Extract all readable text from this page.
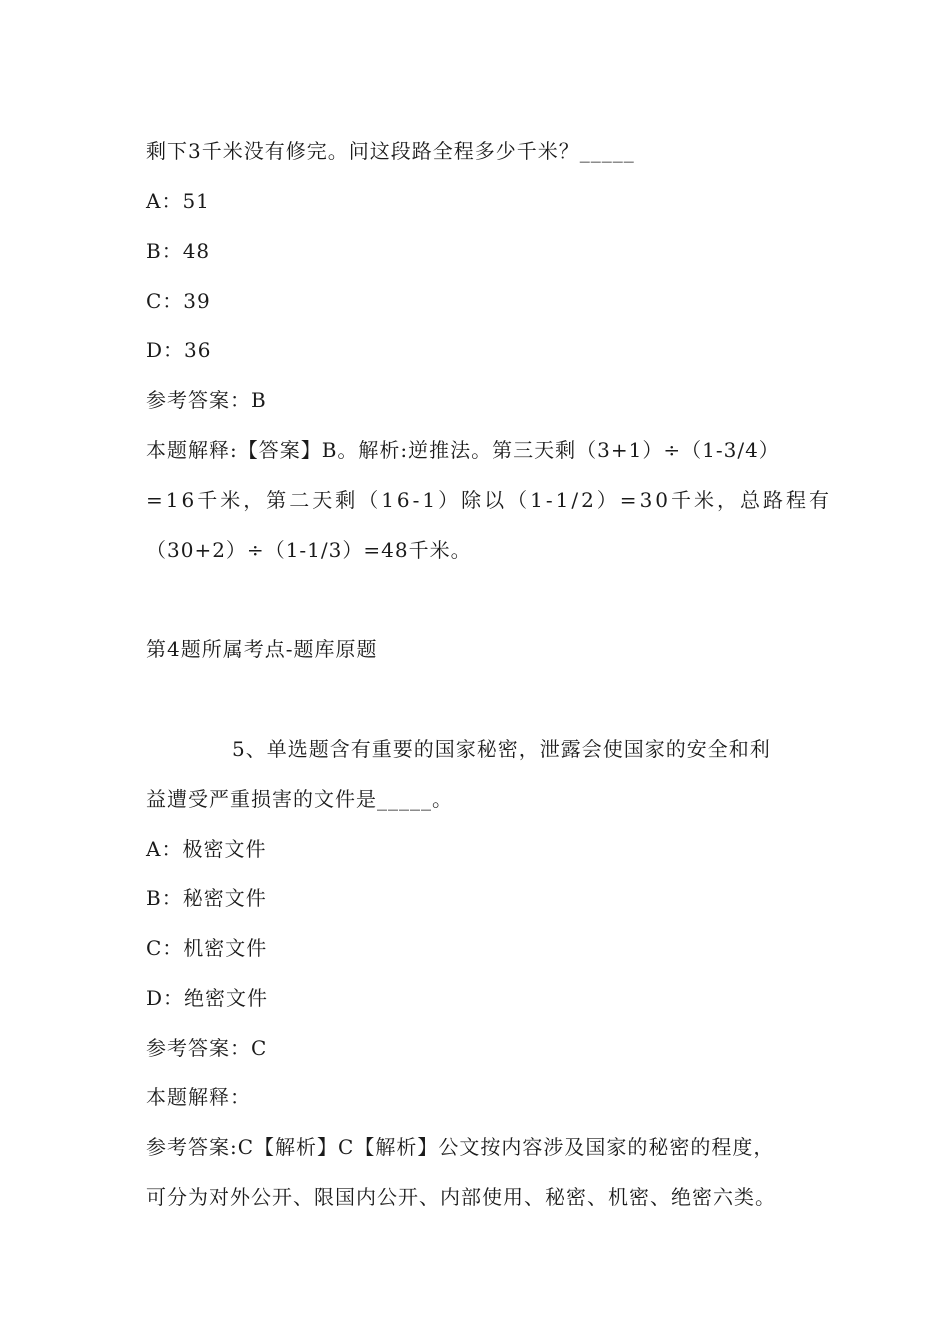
剩下3千米没有修完。问这段路全程多少千米？_____
A：51
B：48
C：39
D：36
参考答案：B
本题解释:【答案】B。解析:逆推法。第三天剩（3+1）÷（1-3/4）
=16千米，第二天剩（16-1）除以（1-1/2）=30千米，总路程有
（30+2）÷（1-1/3）=48千米。
第4题所属考点-题库原题
5、单选题含有重要的国家秘密，泄露会使国家的安全和利
益遭受严重损害的文件是_____。
A：极密文件
B：秘密文件
C：机密文件
D：绝密文件
参考答案：C
本题解释：
参考答案:C【解析】C【解析】公文按内容涉及国家的秘密的程度，
可分为对外公开、限国内公开、内部使用、秘密、机密、绝密六类。
